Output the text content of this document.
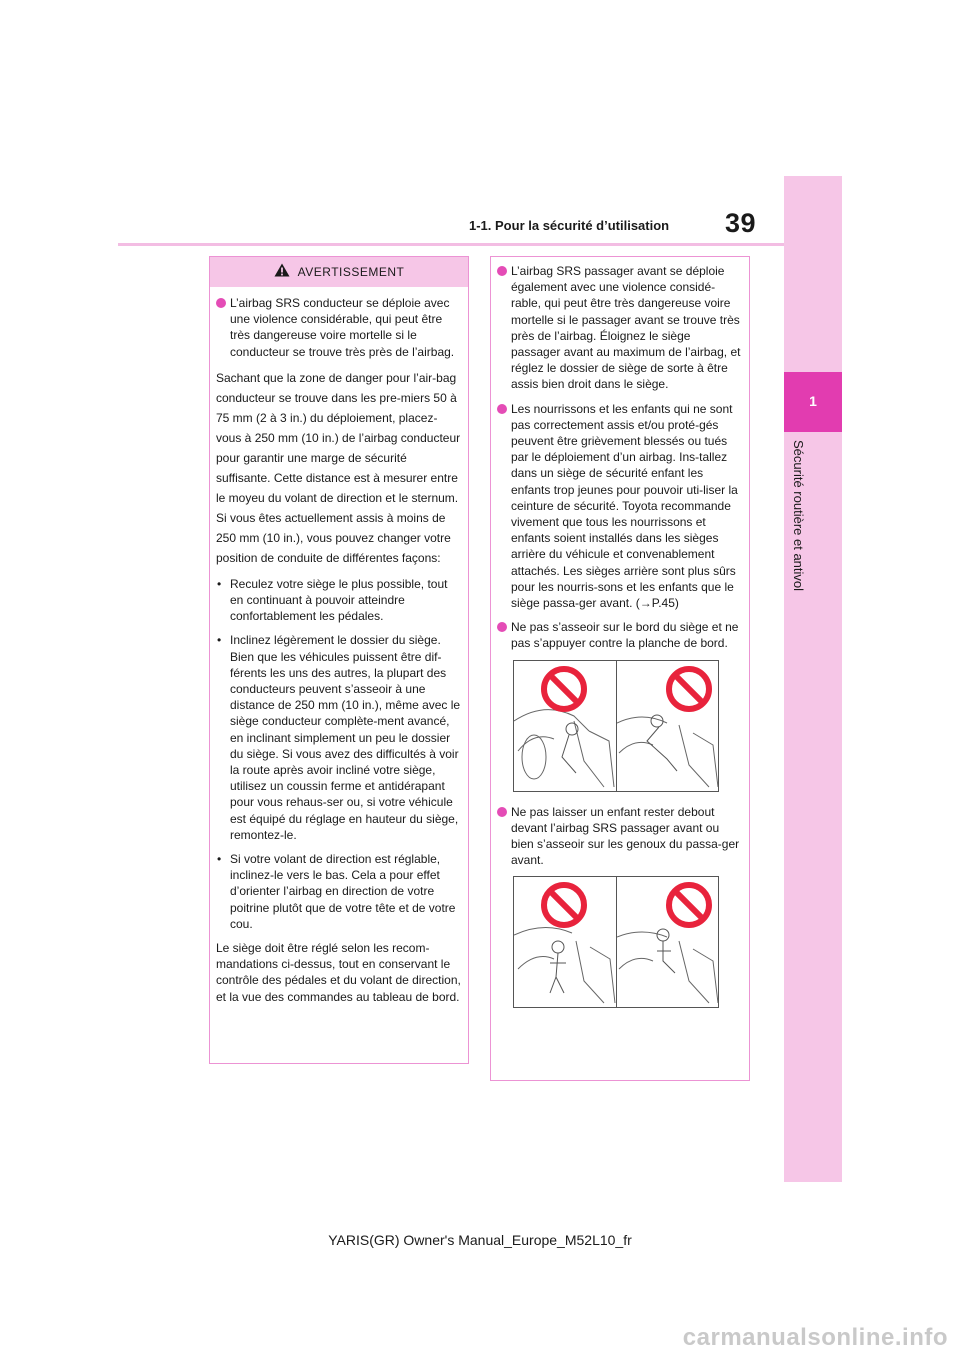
39
1-1. Pour la sécurité d’utilisation
1
Sécurité routière et antivol
AVERTISSEMENT
L’airbag SRS conducteur se déploie avec une violence considérable, qui peut être très dangereuse voire mortelle si le conducteur se trouve très près de l’airbag.

Sachant que la zone de danger pour l’air-bag conducteur se trouve dans les pre-miers 50 à 75 mm (2 à 3 in.) du déploiement, placez-vous à 250 mm (10 in.) de l’airbag conducteur pour garantir une marge de sécurité suffisante. Cette distance est à mesurer entre le moyeu du volant de direction et le sternum. Si vous êtes actuellement assis à moins de 250 mm (10 in.), vous pouvez changer votre position de conduite de différentes façons:

• Reculez votre siège le plus possible, tout en continuant à pouvoir atteindre confortablement les pédales.
• Inclinez légèrement le dossier du siège. Bien que les véhicules puissent être dif-férents les uns des autres, la plupart des conducteurs peuvent s’asseoir à une distance de 250 mm (10 in.), même avec le siège conducteur complète-ment avancé, en inclinant simplement un peu le dossier du siège. Si vous avez des difficultés à voir la route après avoir incliné votre siège, utilisez un coussin ferme et antidérapant pour vous rehaus-ser ou, si votre véhicule est équipé du réglage en hauteur du siège, remontez-le.
• Si votre volant de direction est réglable, inclinez-le vers le bas. Cela a pour effet d’orienter l’airbag en direction de votre poitrine plutôt que de votre tête et de votre cou.

Le siège doit être réglé selon les recom-mandations ci-dessus, tout en conservant le contrôle des pédales et du volant de direction, et la vue des commandes au tableau de bord.

L’airbag SRS passager avant se déploie également avec une violence considé-rable, qui peut être très dangereuse voire mortelle si le passager avant se trouve très près de l’airbag. Éloignez le siège passager avant au maximum de l’airbag, et réglez le dossier de siège de sorte à être assis bien droit dans le siège.
Les nourrissons et les enfants qui ne sont pas correctement assis et/ou proté-gés peuvent être grièvement blessés ou tués par le déploiement d’un airbag. Ins-tallez dans un siège de sécurité enfant les enfants trop jeunes pour pouvoir uti-liser la ceinture de sécurité. Toyota recommande vivement que tous les nourrissons et enfants soient installés dans les sièges arrière du véhicule et convenablement attachés. Les sièges arrière sont plus sûrs pour les nourris-sons et les enfants que le siège passa-ger avant. (→P.45)
Ne pas s’asseoir sur le bord du siège et ne pas s’appuyer contre la planche de bord.
Ne pas laisser un enfant rester debout devant l’airbag SRS passager avant ou bien s’asseoir sur les genoux du passa-ger avant.
YARIS(GR) Owner's Manual_Europe_M52L10_fr
carmanualsonline.info
